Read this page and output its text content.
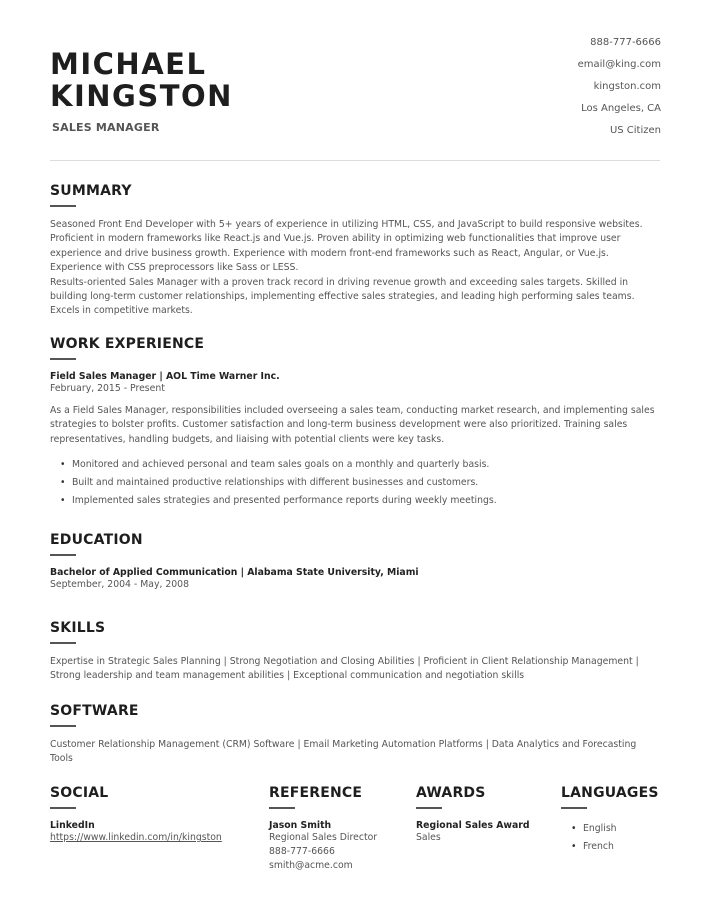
MICHAEL
KINGSTON
SALES MANAGER
888-777-6666
email@king.com
kingston.com
Los Angeles, CA
US Citizen
SUMMARY
Seasoned Front End Developer with 5+ years of experience in utilizing HTML, CSS, and JavaScript to build responsive websites. Proficient in modern frameworks like React.js and Vue.js. Proven ability in optimizing web functionalities that improve user experience and drive business growth. Experience with modern front-end frameworks such as React, Angular, or Vue.js. Experience with CSS preprocessors like Sass or LESS.
Results-oriented Sales Manager with a proven track record in driving revenue growth and exceeding sales targets. Skilled in building long-term customer relationships, implementing effective sales strategies, and leading high performing sales teams. Excels in competitive markets.
WORK EXPERIENCE
Field Sales Manager | AOL Time Warner Inc.
February, 2015 - Present
As a Field Sales Manager, responsibilities included overseeing a sales team, conducting market research, and implementing sales strategies to bolster profits. Customer satisfaction and long-term business development were also prioritized. Training sales representatives, handling budgets, and liaising with potential clients were key tasks.
• Monitored and achieved personal and team sales goals on a monthly and quarterly basis.
• Built and maintained productive relationships with different businesses and customers.
• Implemented sales strategies and presented performance reports during weekly meetings.
EDUCATION
Bachelor of Applied Communication | Alabama State University, Miami
September, 2004 - May, 2008
SKILLS
Expertise in Strategic Sales Planning | Strong Negotiation and Closing Abilities | Proficient in Client Relationship Management |
Strong leadership and team management abilities | Exceptional communication and negotiation skills
SOFTWARE
Customer Relationship Management (CRM) Software | Email Marketing Automation Platforms | Data Analytics and Forecasting Tools
SOCIAL
LinkedIn
https://www.linkedin.com/in/kingston
REFERENCE
Jason Smith
Regional Sales Director
888-777-6666
smith@acme.com
AWARDS
Regional Sales Award
Sales
LANGUAGES
• English
• French
